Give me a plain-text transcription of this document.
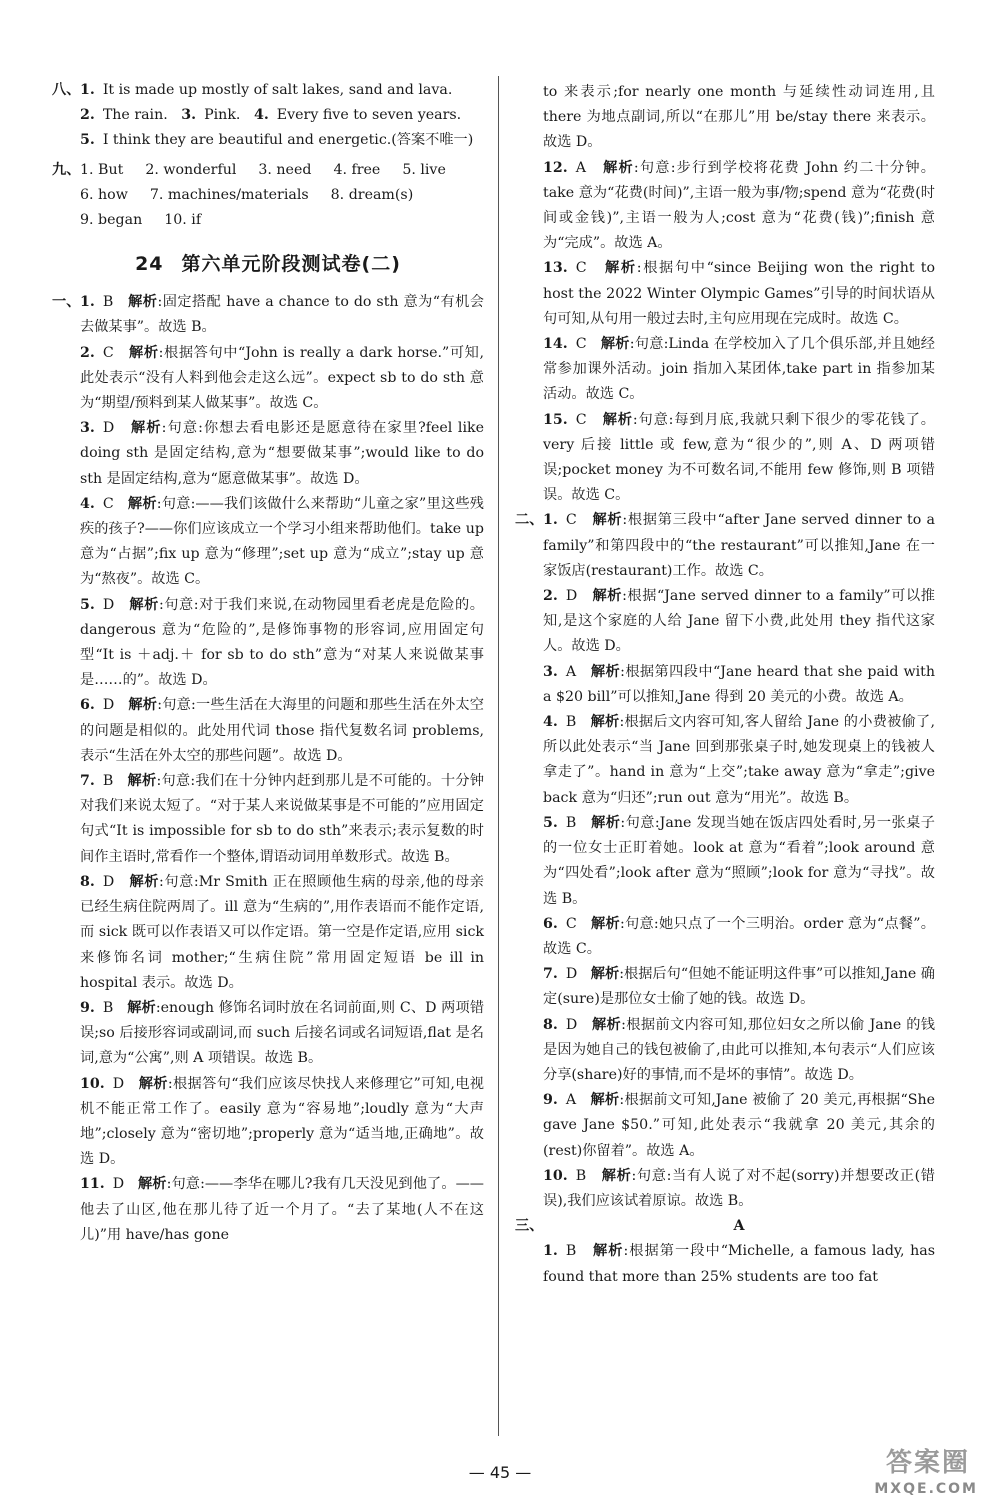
八、 1. It is made up mostly of salt lakes, sand and lava.
2. The rain. 3. Pink. 4. Every five to seven years.
5. I think they are beautiful and energetic.(答案不唯一)
九、 1. But 2. wonderful 3. need 4. free 5. live
6. how 7. machines/materials 8. dream(s)
9. began 10. if
24 第六单元阶段测试卷(二)
一、 1. B 解析:固定搭配 have a chance to do sth 意为“有机会去做某事”。故选 B。
2. C 解析:根据答句中“John is really a dark horse.”可知,此处表示“没有人料到他会走这么远”。expect sb to do sth 意为“期望/预料到某人做某事”。故选 C。
3. D 解析:句意:你想去看电影还是愿意待在家里?feel like doing sth 是固定结构,意为“想要做某事”;would like to do sth 是固定结构,意为“愿意做某事”。故选 D。
4. C 解析:句意:——我们该做什么来帮助“儿童之家”里这些残疾的孩子?——你们应该成立一个学习小组来帮助他们。take up 意为“占据”;fix up 意为“修理”;set up 意为“成立”;stay up 意为“熬夜”。故选 C。
5. D 解析:句意:对于我们来说,在动物园里看老虎是危险的。dangerous 意为“危险的”,是修饰事物的形容词,应用固定句型“It is ＋adj.＋ for sb to do sth”意为“对某人来说做某事是……的”。故选 D。
6. D 解析:句意:一些生活在大海里的问题和那些生活在外太空的问题是相似的。此处用代词 those 指代复数名词 problems,表示“生活在外太空的那些问题”。故选 D。
7. B 解析:句意:我们在十分钟内赶到那儿是不可能的。十分钟对我们来说太短了。“对于某人来说做某事是不可能的”应用固定句式“It is impossible for sb to do sth”来表示;表示复数的时间作主语时,常看作一个整体,谓语动词用单数形式。故选 B。
8. D 解析:句意:Mr Smith 正在照顾他生病的母亲,他的母亲已经生病住院两周了。ill 意为“生病的”,用作表语而不能作定语,而 sick 既可以作表语又可以作定语。第一空是作定语,应用 sick 来修饰名词 mother;“生病住院”常用固定短语 be ill in hospital 表示。故选 D。
9. B 解析:enough 修饰名词时放在名词前面,则 C、D 两项错误;so 后接形容词或副词,而 such 后接名词或名词短语,flat 是名词,意为“公寓”,则 A 项错误。故选 B。
10. D 解析:根据答句“我们应该尽快找人来修理它”可知,电视机不能正常工作了。easily 意为“容易地”;loudly 意为“大声地”;closely 意为“密切地”;properly 意为“适当地,正确地”。故选 D。
11. D 解析:句意:——李华在哪儿?我有几天没见到他了。——他去了山区,他在那儿待了近一个月了。“去了某地(人不在这儿)”用 have/has gone

to 来表示;for nearly one month 与延续性动词连用,且 there 为地点副词,所以“在那儿”用 be/stay there 来表示。故选 D。

12. A 解析:句意:步行到学校将花费 John 约二十分钟。take 意为“花费(时间)”,主语一般为事/物;spend 意为“花费(时间或金钱)”,主语一般为人;cost 意为“花费(钱)”;finish 意为“完成”。故选 A。
13. C 解析:根据句中“since Beijing won the right to host the 2022 Winter Olympic Games”引导的时间状语从句可知,从句用一般过去时,主句应用现在完成时。故选 C。
14. C 解析:句意:Linda 在学校加入了几个俱乐部,并且她经常参加课外活动。join 指加入某团体,take part in 指参加某活动。故选 C。
15. C 解析:句意:每到月底,我就只剩下很少的零花钱了。very 后接 little 或 few,意为“很少的”,则 A、D 两项错误;pocket money 为不可数名词,不能用 few 修饰,则 B 项错误。故选 C。
二、 1. C 解析:根据第三段中“after Jane served dinner to a family”和第四段中的“the restaurant”可以推知,Jane 在一家饭店(restaurant)工作。故选 C。
2. D 解析:根据“Jane served dinner to a family”可以推知,是这个家庭的人给 Jane 留下小费,此处用 they 指代这家人。故选 D。
3. A 解析:根据第四段中“Jane heard that she paid with a $20 bill”可以推知,Jane 得到 20 美元的小费。故选 A。
4. B 解析:根据后文内容可知,客人留给 Jane 的小费被偷了,所以此处表示“当 Jane 回到那张桌子时,她发现桌上的钱被人拿走了”。hand in 意为“上交”;take away 意为“拿走”;give back 意为“归还”;run out 意为“用光”。故选 B。
5. B 解析:句意:Jane 发现当她在饭店四处看时,另一张桌子的一位女士正盯着她。look at 意为“看着”;look around 意为“四处看”;look after 意为“照顾”;look for 意为“寻找”。故选 B。
6. C 解析:句意:她只点了一个三明治。order 意为“点餐”。故选 C。
7. D 解析:根据后句“但她不能证明这件事”可以推知,Jane 确定(sure)是那位女士偷了她的钱。故选 D。
8. D 解析:根据前文内容可知,那位妇女之所以偷 Jane 的钱是因为她自己的钱包被偷了,由此可以推知,本句表示“人们应该分享(share)好的事情,而不是坏的事情”。故选 D。
9. A 解析:根据前文可知,Jane 被偷了 20 美元,再根据“She gave Jane $50.”可知,此处表示“我就拿 20 美元,其余的(rest)你留着”。故选 A。
10. B 解析:句意:当有人说了对不起(sorry)并想要改正(错误),我们应该试着原谅。故选 B。
三、	A
1. B 解析:根据第一段中“Michelle, a famous lady, has found that more than 25% students are too fat
— 45 —	答案圈
MXQE.COM
